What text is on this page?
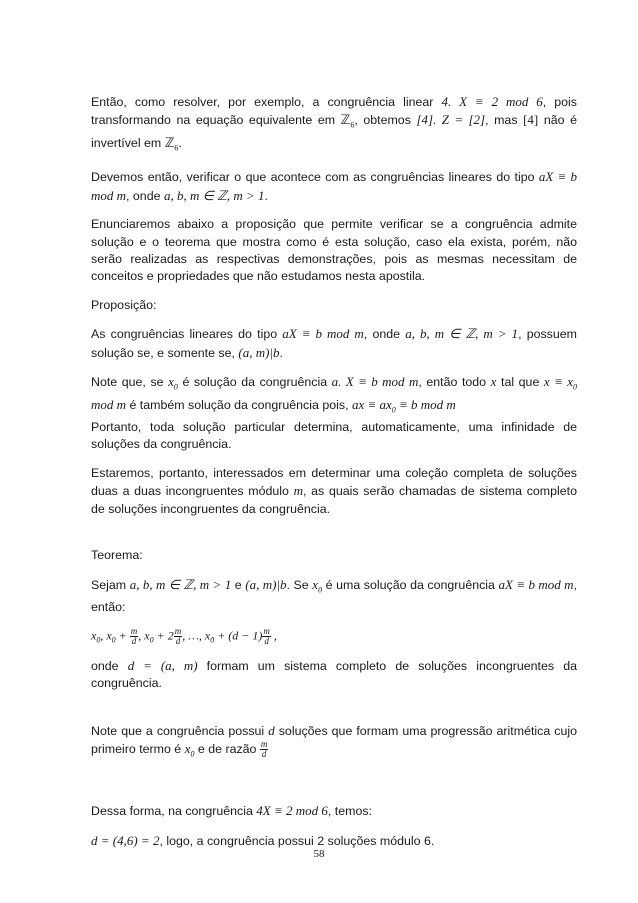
Então, como resolver, por exemplo, a congruência linear 4. X ≡ 2 mod 6, pois transformando na equação equivalente em ℤ$_6$, obtemos [4]. Z = [2], mas [4] não é invertível em ℤ$_6$.

Devemos então, verificar o que acontece com as congruências lineares do tipo aX ≡ b mod m, onde a, b, m ∈ ℤ, m > 1.

Enunciaremos abaixo a proposição que permite verificar se a congruência admite solução e o teorema que mostra como é esta solução, caso ela exista, porém, não serão realizadas as respectivas demonstrações, pois as mesmas necessitam de conceitos e propriedades que não estudamos nesta apostila.

Proposição:

As congruências lineares do tipo aX ≡ b mod m, onde a, b, m ∈ ℤ, m > 1, possuem solução se, e somente se, (a, m)|b.

Note que, se $x_0$ é solução da congruência a. X ≡ b mod m, então todo x tal que $x \equiv x_0$ mod m é também solução da congruência pois, ax ≡ $ax_0 \equiv b$ mod m
Portanto, toda solução particular determina, automaticamente, uma infinidade de soluções da congruência.

Estaremos, portanto, interessados em determinar uma coleção completa de soluções duas a duas incongruentes módulo m, as quais serão chamadas de sistema completo de soluções incongruentes da congruência.

Teorema:

Sejam a, b, m ∈ ℤ, m > 1 e (a, m)|b. Se $x_0$ é uma solução da congruência aX ≡ b mod m, então:

$x_0$, $x_0 + \frac{m}{d}$ , $x_0 + 2 \frac{m}{d}$ , …, $x_0 + (d - 1) \frac{m}{d}$ ,

onde d = (a, m) formam um sistema completo de soluções incongruentes da congruência.

Note que a congruência possui d soluções que formam uma progressão aritmética cujo primeiro termo é $x_0$ e de razão $\frac{m}{d}$

Dessa forma, na congruência 4X ≡ 2 mod 6, temos:

d = (4,6) = 2, logo, a congruência possui 2 soluções módulo 6.

58
